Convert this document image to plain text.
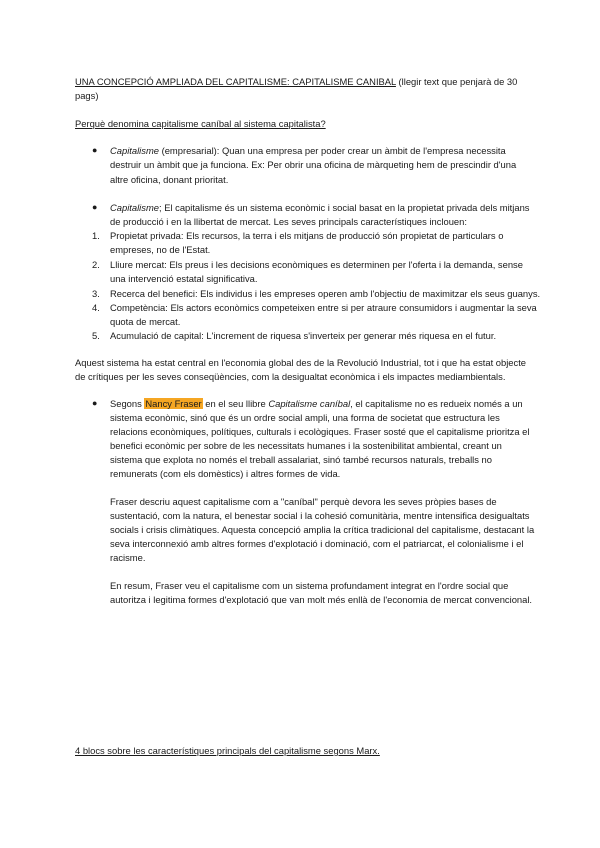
UNA CONCEPCIÓ AMPLIADA DEL CAPITALISME: CAPITALISME CANIBAL (llegir text que penjarà de 30
pags)
Perquè denomina capitalisme caníbal al sistema capitalista?
● Capitalisme (empresarial): Quan una empresa per poder crear un àmbit de l'empresa necessita
destruir un àmbit que ja funciona. Ex: Per obrir una oficina de màrqueting hem de prescindir d'una
altre oficina, donant prioritat.
● Capitalisme; El capitalisme és un sistema econòmic i social basat en la propietat privada dels mitjans
de producció i en la llibertat de mercat. Les seves principals característiques inclouen:
1. Propietat privada: Els recursos, la terra i els mitjans de producció són propietat de particulars o
empreses, no de l'Estat.
2. Lliure mercat: Els preus i les decisions econòmiques es determinen per l'oferta i la demanda, sense
una intervenció estatal significativa.
3. Recerca del benefici: Els individus i les empreses operen amb l'objectiu de maximitzar els seus guanys.
4. Competència: Els actors econòmics competeixen entre si per atraure consumidors i augmentar la seva
quota de mercat.
5. Acumulació de capital: L'increment de riquesa s'inverteix per generar més riquesa en el futur.
Aquest sistema ha estat central en l'economia global des de la Revolució Industrial, tot i que ha estat objecte
de crítiques per les seves conseqüències, com la desigualtat econòmica i els impactes mediambientals.
● Segons Nancy Fraser en el seu llibre Capitalisme caníbal, el capitalisme no es redueix només a un
sistema econòmic, sinó que és un ordre social ampli, una forma de societat que estructura les
relacions econòmiques, polítiques, culturals i ecològiques. Fraser sosté que el capitalisme prioritza el
benefici econòmic per sobre de les necessitats humanes i la sostenibilitat ambiental, creant un
sistema que explota no només el treball assalariat, sinó també recursos naturals, treballs no
remunerats (com els domèstics) i altres formes de vida.
Fraser descriu aquest capitalisme com a "caníbal" perquè devora les seves pròpies bases de
sustentació, com la natura, el benestar social i la cohesió comunitària, mentre intensifica desigualtats
socials i crisis climàtiques. Aquesta concepció amplia la crítica tradicional del capitalisme, destacant la
seva interconnexió amb altres formes d'explotació i dominació, com el patriarcat, el colonialisme i el
racisme.
En resum, Fraser veu el capitalisme com un sistema profundament integrat en l'ordre social que
autoritza i legitima formes d'explotació que van molt més enllà de l'economia de mercat convencional.
4 blocs sobre les característiques principals del capitalisme segons Marx.
